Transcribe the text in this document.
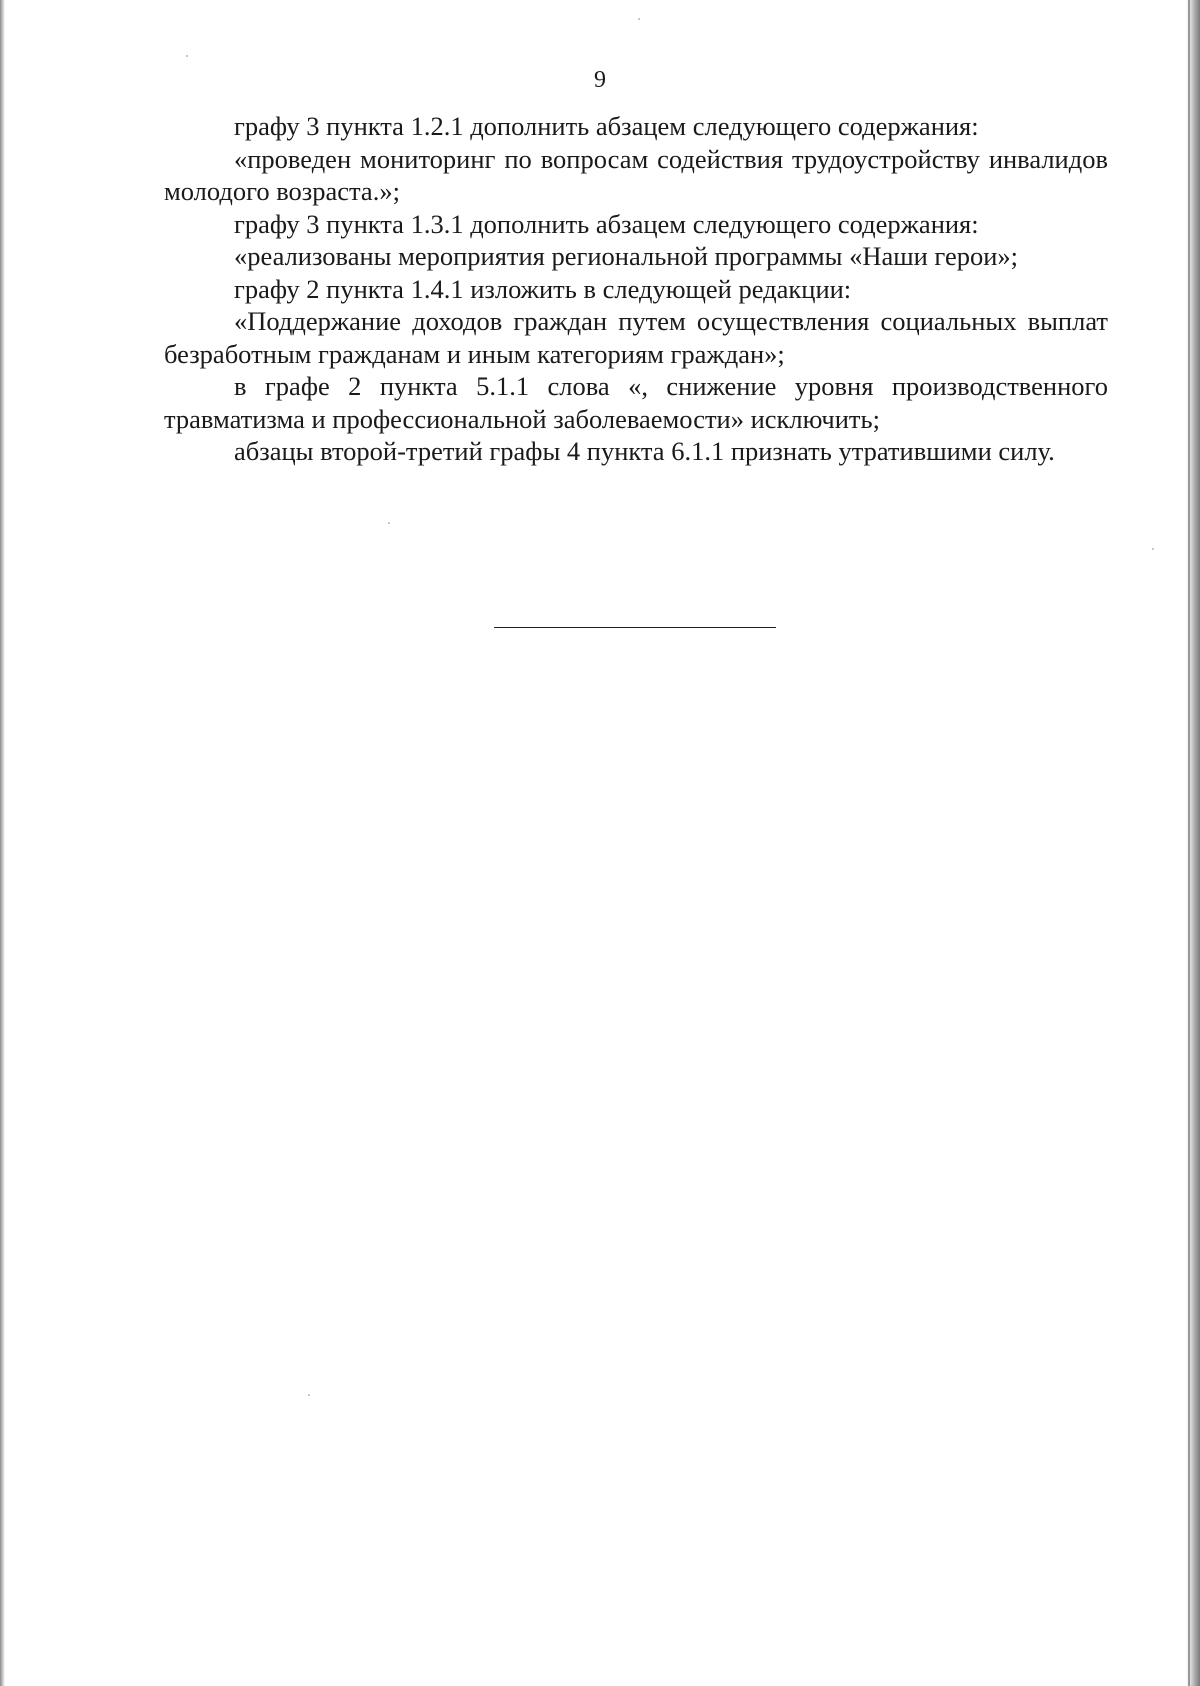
9

графу 3 пункта 1.2.1 дополнить абзацем следующего содержания:

«проведен мониторинг по вопросам содействия трудоустройству инвалидов молодого возраста.»;

графу 3 пункта 1.3.1 дополнить абзацем следующего содержания:

«реализованы мероприятия региональной программы «Наши герои»;

графу 2 пункта 1.4.1 изложить в следующей редакции:

«Поддержание доходов граждан путем осуществления социальных выплат безработным гражданам и иным категориям граждан»;

в графе 2 пункта 5.1.1 слова «, снижение уровня производственного травматизма и профессиональной заболеваемости» исключить;

абзацы второй-третий графы 4 пункта 6.1.1 признать утратившими силу.
